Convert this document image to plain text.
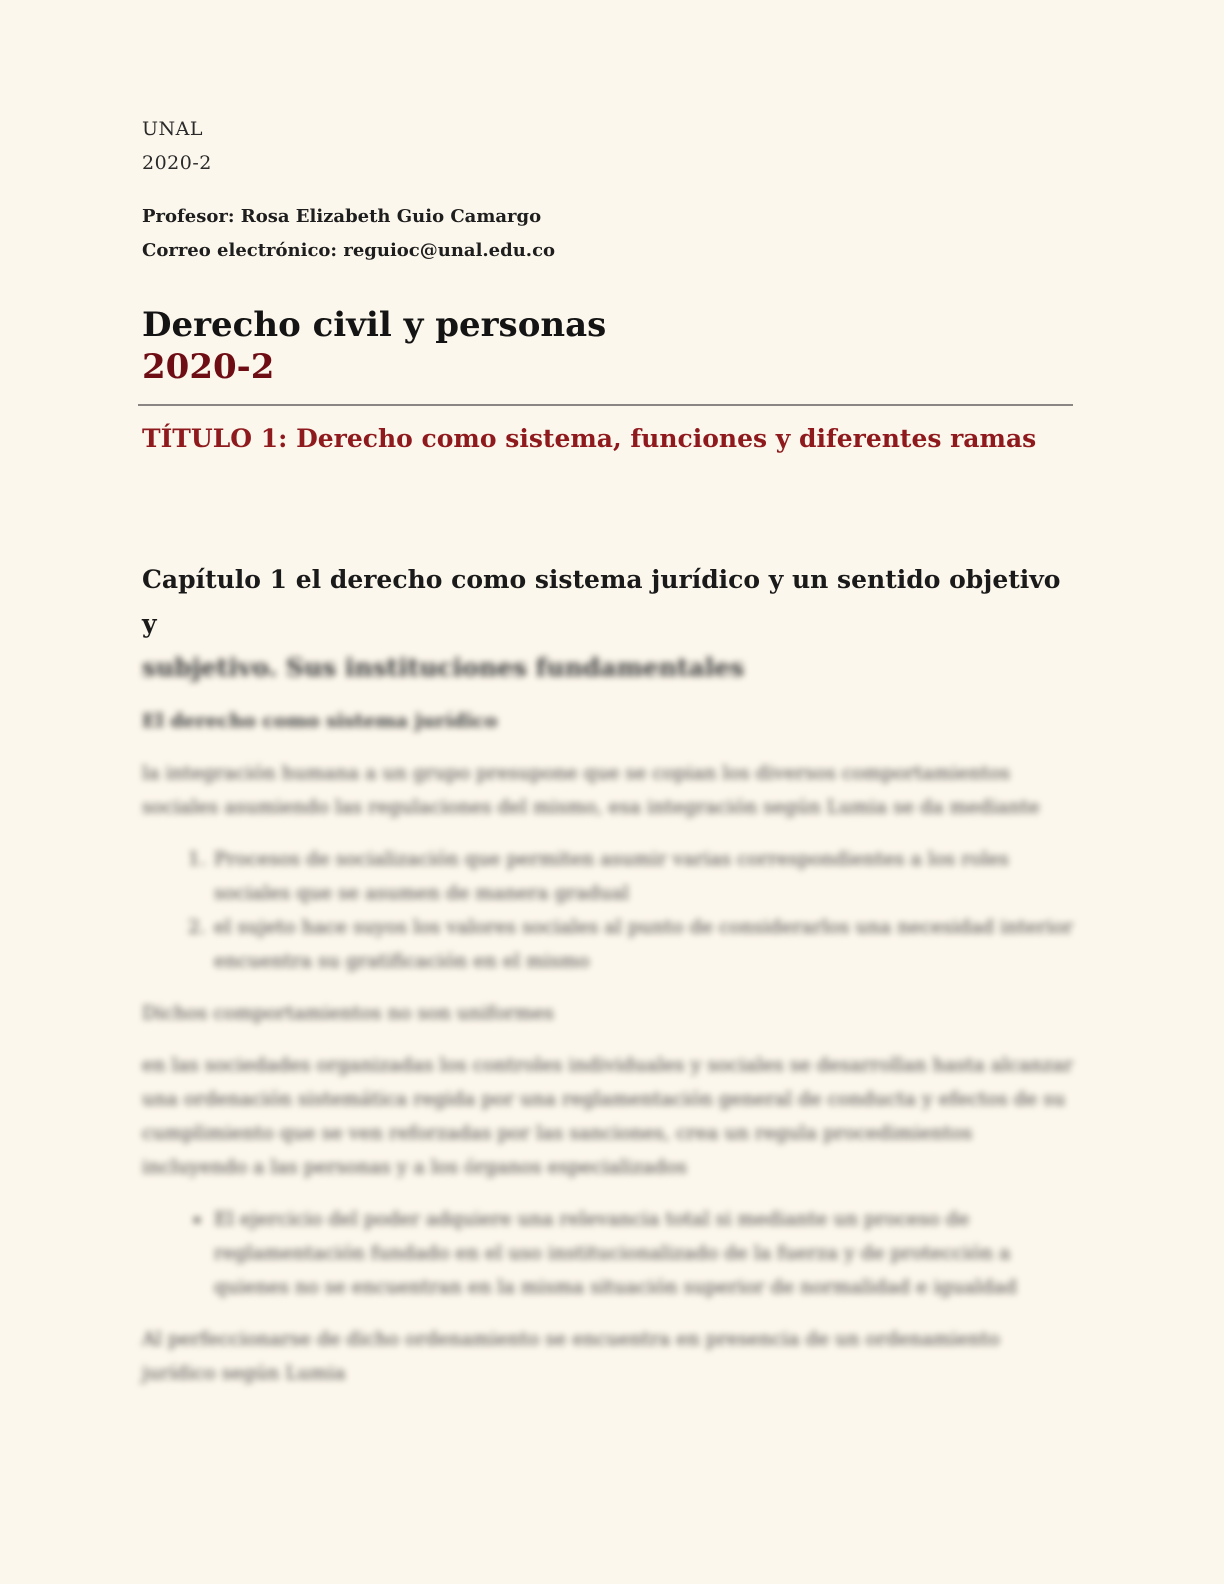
UNAL
2020-2
Profesor: Rosa Elizabeth Guio Camargo
Correo electrónico: reguioc@unal.edu.co
Derecho civil y personas
2020-2
TÍTULO 1: Derecho como sistema, funciones y diferentes ramas
Capítulo 1 el derecho como sistema jurídico y un sentido objetivo y
subjetivo. Sus instituciones fundamentales
El derecho como sistema jurídico
la integración humana a un grupo presupone que se copian los diversos comportamientos sociales asumiendo las regulaciones del mismo, esa integración según Lumia se da mediante
1. Procesos de socialización que permiten asumir varias correspondientes a los roles sociales que se asumen de manera gradual
2. el sujeto hace suyos los valores sociales al punto de considerarlos una necesidad interior encuentra su gratificación en el mismo
Dichos comportamientos no son uniformes
en las sociedades organizadas los controles individuales y sociales se desarrollan hasta alcanzar una ordenación sistemática regida por una reglamentación general de conducta y efectos de su cumplimiento que se ven reforzadas por las sanciones, crea un regula procedimientos incluyendo a las personas y a los órganos especializados
• El ejercicio del poder adquiere una relevancia total si mediante un proceso de reglamentación fundado en el uso institucionalizado de la fuerza y de protección a quienes no se encuentran en la misma situación superior de normalidad e igualdad
Al perfeccionarse de dicho ordenamiento se encuentra en presencia de un ordenamiento jurídico según Lumia
